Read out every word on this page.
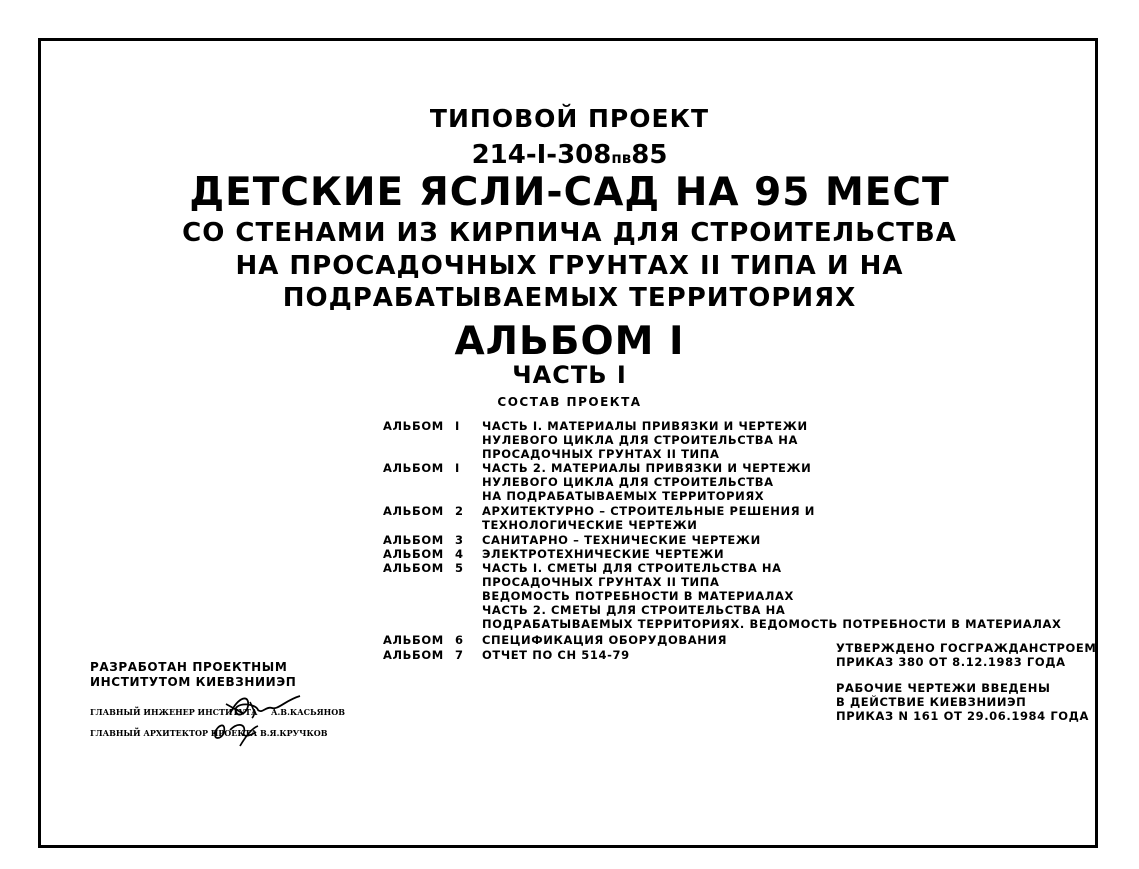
ТИПОВОЙ ПРОЕКТ
214-I-308пв85
ДЕТСКИЕ ЯСЛИ-САД НА 95 МЕСТ
СО СТЕНАМИ ИЗ КИРПИЧА ДЛЯ СТРОИТЕЛЬСТВА
НА ПРОСАДОЧНЫХ ГРУНТАХ II ТИПА И НА
ПОДРАБАТЫВАЕМЫХ ТЕРРИТОРИЯХ
АЛЬБОМ I
ЧАСТЬ I
СОСТАВ ПРОЕКТА
АЛЬБОМ I ЧАСТЬ I. МАТЕРИАЛЫ ПРИВЯЗКИ И ЧЕРТЕЖИ
НУЛЕВОГО ЦИКЛА ДЛЯ СТРОИТЕЛЬСТВА НА
ПРОСАДОЧНЫХ ГРУНТАХ II ТИПА
АЛЬБОМ I ЧАСТЬ 2. МАТЕРИАЛЫ ПРИВЯЗКИ И ЧЕРТЕЖИ
НУЛЕВОГО ЦИКЛА ДЛЯ СТРОИТЕЛЬСТВА
НА ПОДРАБАТЫВАЕМЫХ ТЕРРИТОРИЯХ
АЛЬБОМ 2 АРХИТЕКТУРНО – СТРОИТЕЛЬНЫЕ РЕШЕНИЯ И
ТЕХНОЛОГИЧЕСКИЕ ЧЕРТЕЖИ
АЛЬБОМ 3 САНИТАРНО – ТЕХНИЧЕСКИЕ ЧЕРТЕЖИ
АЛЬБОМ 4 ЭЛЕКТРОТЕХНИЧЕСКИЕ ЧЕРТЕЖИ
АЛЬБОМ 5 ЧАСТЬ I. СМЕТЫ ДЛЯ СТРОИТЕЛЬСТВА НА
ПРОСАДОЧНЫХ ГРУНТАХ II ТИПА
ВЕДОМОСТЬ ПОТРЕБНОСТИ В МАТЕРИАЛАХ
ЧАСТЬ 2. СМЕТЫ ДЛЯ СТРОИТЕЛЬСТВА НА
ПОДРАБАТЫВАЕМЫХ ТЕРРИТОРИЯХ. ВЕДОМОСТЬ ПОТРЕБНОСТИ В МАТЕРИАЛАХ
АЛЬБОМ 6 СПЕЦИФИКАЦИЯ ОБОРУДОВАНИЯ
АЛЬБОМ 7 ОТЧЕТ ПО СН 514-79
РАЗРАБОТАН ПРОЕКТНЫМ
ИНСТИТУТОМ КИЕВЗНИИЭП
ГЛАВНЫЙ ИНЖЕНЕР ИНСТИТУТА А.В.КАСЬЯНОВ
ГЛАВНЫЙ АРХИТЕКТОР ПРОЕКТА В.Я.КРУЧКОВ
УТВЕРЖДЕНО ГОСГРАЖДАНСТРОЕМ
ПРИКАЗ 380 ОТ 8.12.1983 ГОДА
РАБОЧИЕ ЧЕРТЕЖИ ВВЕДЕНЫ
В ДЕЙСТВИЕ КИЕВЗНИИЭП
ПРИКАЗ N 161 ОТ 29.06.1984 ГОДА
